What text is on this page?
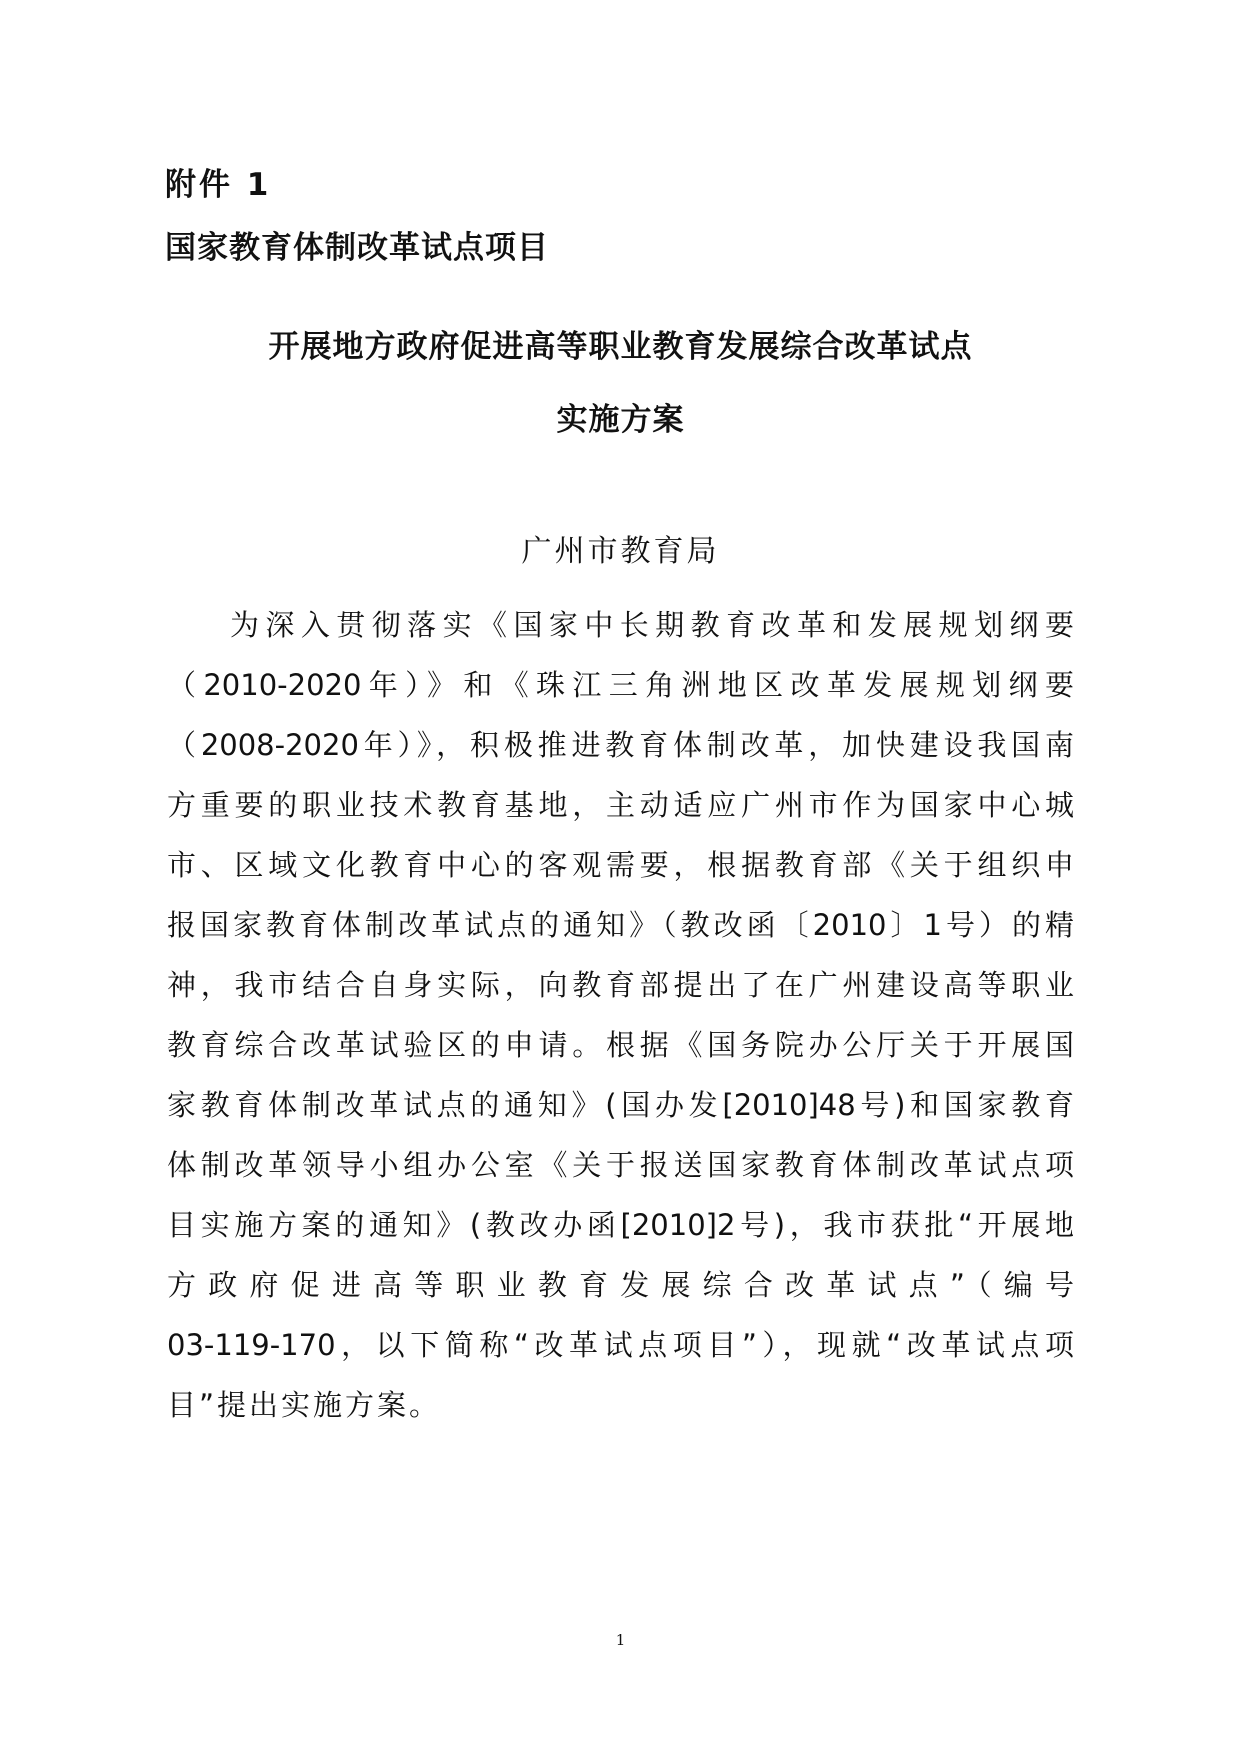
附件 1
国家教育体制改革试点项目
开展地方政府促进高等职业教育发展综合改革试点
实施方案
广州市教育局
为深入贯彻落实《国家中长期教育改革和发展规划纲要
（2010-2020年）》和《珠江三角洲地区改革发展规划纲要
（2008-2020年）》，积极推进教育体制改革，加快建设我国南
方重要的职业技术教育基地，主动适应广州市作为国家中心城
市、区域文化教育中心的客观需要，根据教育部《关于组织申
报国家教育体制改革试点的通知》（教改函〔2010〕1号）的精
神，我市结合自身实际，向教育部提出了在广州建设高等职业
教育综合改革试验区的申请。根据《国务院办公厅关于开展国
家教育体制改革试点的通知》(国办发[2010]48号)和国家教育
体制改革领导小组办公室《关于报送国家教育体制改革试点项
目实施方案的通知》(教改办函[2010]2号)，我市获批“开展地
方政府促进高等职业教育发展综合改革试点”（编号
03-119-170，以下简称“改革试点项目”），现就“改革试点项
目”提出实施方案。
1
